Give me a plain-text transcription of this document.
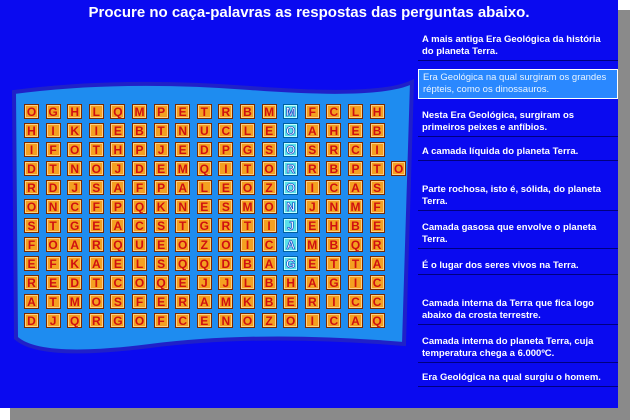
Procure no caça-palavras as respostas das perguntas abaixo.
O G H	L	Q M P E	T	R B M M	F	C	L	H
H	I	K	I	E B	T	N U C	L	E O A H E B
I	F	O	T	H P	J	E D P G S O S R C	I
D	T	N O	J	D E M Q	I	T	O R R B P	T	O
R D	J	S A	F	P A	L	E O	Z	O	I	C A S
O N C	F	P Q K N E S M O N	J	N M	F
S	T	G E A C S	T	G R	T	I	J	E H B E
F	O A R Q U E O	Z	O	I	C A M B Q R
E	F	K A E	L	S Q Q D B A G E	T	T	A
R E D	T	C O Q E	J	J	L	B H A G	I	C
A	T	M O S	F	E R A M K B E R	I	C C
D	J	Q R G O	F	C E N O	Z	O	I	C A Q
A mais antiga Era Geológica da história do planeta Terra.
Era Geológica na qual surgiram os grandes répteis, como os dinossauros.
Nesta Era Geológica, surgiram os primeiros peixes e anfíbios.
A camada líquida do planeta Terra.
Parte rochosa, isto é, sólida, do planeta Terra.
Camada gasosa que envolve o planeta Terra.
É o lugar dos seres vivos na Terra.
Camada interna da Terra que fica logo abaixo da crosta terrestre.
Camada interna do planeta Terra, cuja temperatura chega a 6.000ºC.
Era Geológica na qual surgiu o homem.
